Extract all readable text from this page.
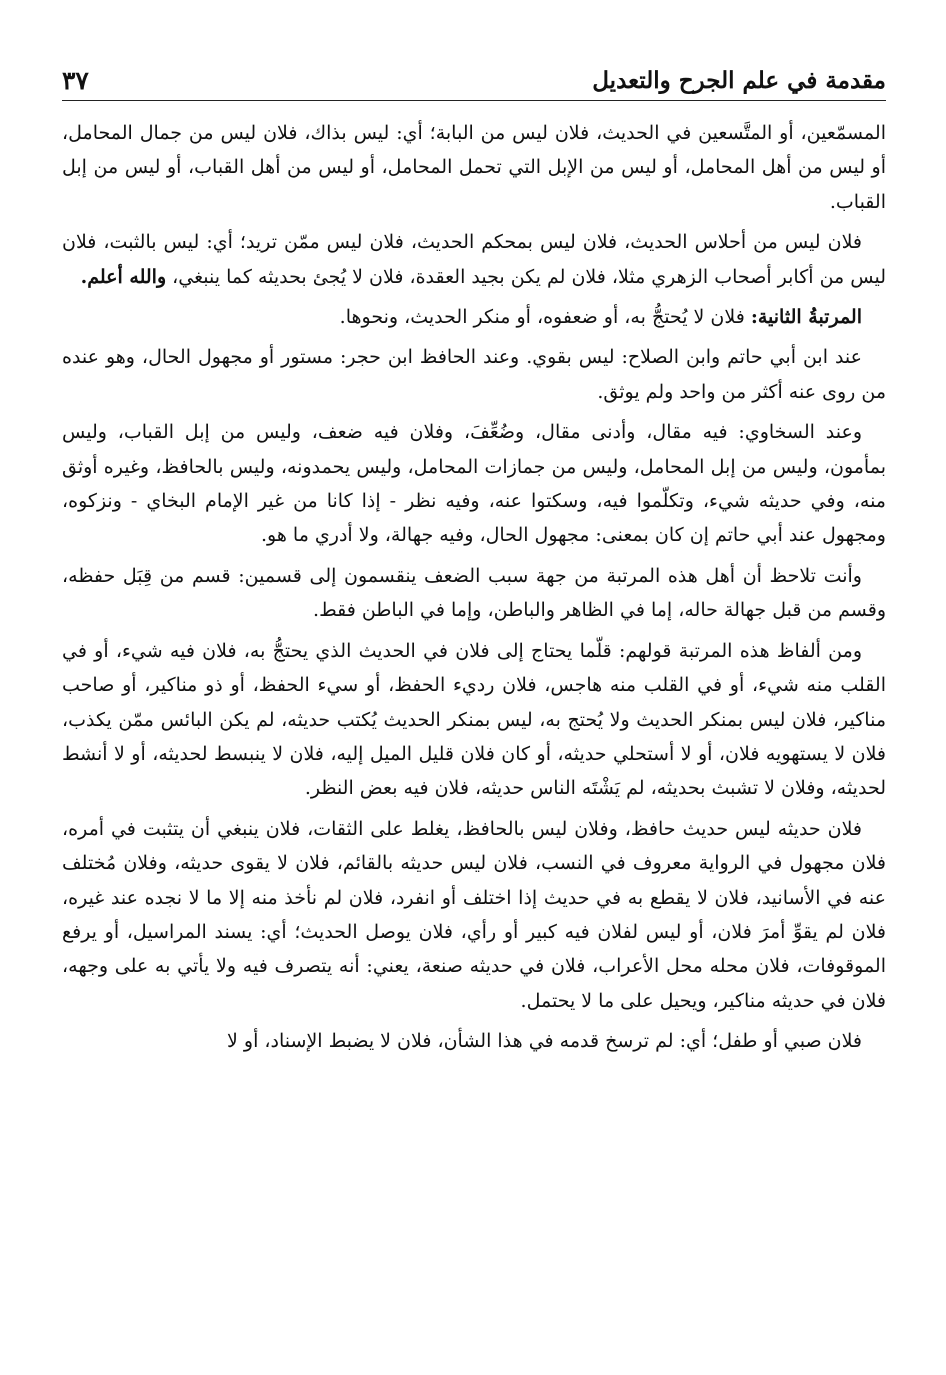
مقدمة في علم الجرح والتعديل
٣٧

المسمّعين، أو المتَّسعين في الحديث، فلان ليس من البابة؛ أي: ليس بذاك، فلان ليس من جمال المحامل، أو ليس من أهل المحامل، أو ليس من الإبل التي تحمل المحامل، أو ليس من أهل القباب، أو ليس من إبل القباب.

فلان ليس من أحلاس الحديث، فلان ليس بمحكم الحديث، فلان ليس ممّن تريد؛ أي: ليس بالثبت، فلان ليس من أكابر أصحاب الزهري مثلا، فلان لم يكن بجيد العقدة، فلان لا يُجئ بحديثه كما ينبغي، والله أعلم.

المرتبةُ الثانية: فلان لا يُحتجُّ به، أو ضعفوه، أو منكر الحديث، ونحوها.

عند ابن أبي حاتم وابن الصلاح: ليس بقوي. وعند الحافظ ابن حجر: مستور أو مجهول الحال، وهو عنده من روى عنه أكثر من واحد ولم يوثق.

وعند السخاوي: فيه مقال، وأدنى مقال، وضُعِّفَ، وفلان فيه ضعف، وليس من إبل القباب، وليس بمأمون، وليس من إبل المحامل، وليس من جمازات المحامل، وليس يحمدونه، وليس بالحافظ، وغيره أوثق منه، وفي حديثه شيء، وتكلّموا فيه، وسكتوا عنه، وفيه نظر - إذا كانا من غير الإمام البخاي - ونزكوه، ومجهول عند أبي حاتم إن كان بمعنى: مجهول الحال، وفيه جهالة، ولا أدري ما هو.

وأنت تلاحظ أن أهل هذه المرتبة من جهة سبب الضعف ينقسمون إلى قسمين: قسم من قِبَل حفظه، وقسم من قبل جهالة حاله، إما في الظاهر والباطن، وإما في الباطن فقط.

ومن ألفاظ هذه المرتبة قولهم: قلّما يحتاج إلى فلان في الحديث الذي يحتجُّ به، فلان فيه شيء، أو في القلب منه شيء، أو في القلب منه هاجس، فلان رديء الحفظ، أو سيء الحفظ، أو ذو مناكير، أو صاحب مناكير، فلان ليس بمنكر الحديث ولا يُحتج به، ليس بمنكر الحديث يُكتب حديثه، لم يكن البائس ممّن يكذب، فلان لا يستهويه فلان، أو لا أستحلي حديثه، أو كان فلان قليل الميل إليه، فلان لا ينبسط لحديثه، أو لا أنشط لحديثه، وفلان لا تشبث بحديثه، لم يَشْتَه الناس حديثه، فلان فيه بعض النظر.

فلان حديثه ليس حديث حافظ، وفلان ليس بالحافظ، يغلط على الثقات، فلان ينبغي أن يتثبت في أمره، فلان مجهول في الرواية معروف في النسب، فلان ليس حديثه بالقائم، فلان لا يقوى حديثه، وفلان مُختلف عنه في الأسانيد، فلان لا يقطع به في حديث إذا اختلف أو انفرد، فلان لم نأخذ منه إلا ما لا نجده عند غيره، فلان لم يقوِّ أمرَ فلان، أو ليس لفلان فيه كبير أو رأي، فلان يوصل الحديث؛ أي: يسند المراسيل، أو يرفع الموقوفات، فلان محله محل الأعراب، فلان في حديثه صنعة، يعني: أنه يتصرف فيه ولا يأتي به على وجهه، فلان في حديثه مناكير، ويحيل على ما لا يحتمل.

فلان صبي أو طفل؛ أي: لم ترسخ قدمه في هذا الشأن، فلان لا يضبط الإسناد، أو لا
